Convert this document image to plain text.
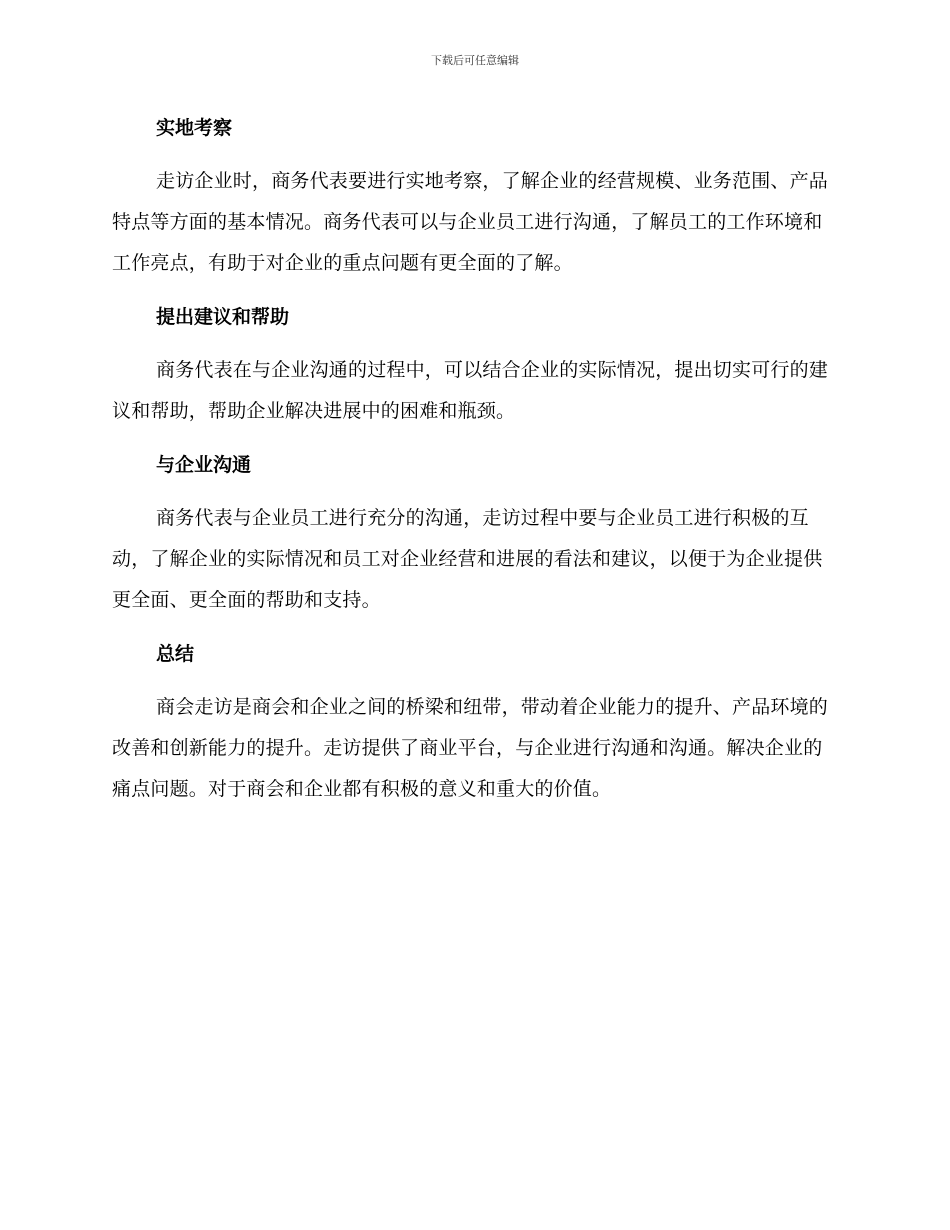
下载后可任意编辑
实地考察

走访企业时，商务代表要进行实地考察，了解企业的经营规模、业务范围、产品特点等方面的基本情况。商务代表可以与企业员工进行沟通，了解员工的工作环境和工作亮点，有助于对企业的重点问题有更全面的了解。

提出建议和帮助

商务代表在与企业沟通的过程中，可以结合企业的实际情况，提出切实可行的建议和帮助，帮助企业解决进展中的困难和瓶颈。

与企业沟通

商务代表与企业员工进行充分的沟通，走访过程中要与企业员工进行积极的互动，了解企业的实际情况和员工对企业经营和进展的看法和建议，以便于为企业提供更全面、更全面的帮助和支持。

总结

商会走访是商会和企业之间的桥梁和纽带，带动着企业能力的提升、产品环境的改善和创新能力的提升。走访提供了商业平台，与企业进行沟通和沟通。解决企业的痛点问题。对于商会和企业都有积极的意义和重大的价值。
